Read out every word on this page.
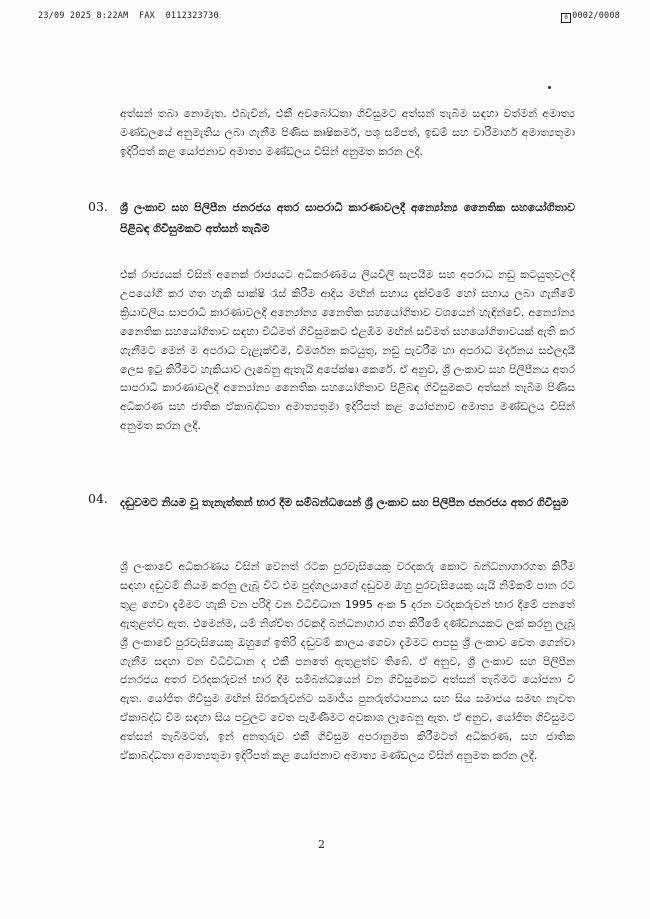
23/09 2025 8:22AM  FAX  0112323730	0 0002/0008

අත්සන් තබා නොමැත. එබැවින්, එකී අවබෝධතා ගිවිසුමට අත්සන් තැබීම සඳහා වත්මන් අමාත්‍ය මණ්ඩලයේ අනුමැතිය ලබා ගැනීම පිණිස කෘෂිකර්ම, පශු සම්පත්, ඉඩම් සහ වාරිමාර්ග අමාත්‍යතුමා ඉදිරිපත් කළ යෝජනාව අමාත්‍ය මණ්ඩලය විසින් අනුමත කරන ලදී.

03. ශ්‍රී ලංකාව සහ පිලිපීන ජනරජය අතර සාපරාධී කාරණාවලදී අන්‍යෝන්‍ය නෛතික සහයෝගිතාව පිළිබඳ ගිවිසුමකට අත්සන් තැබීම

එක් රාජ්‍යයක් විසින් අනෙක් රාජ්‍යයට අධිකරණමය ලියවිලි සැපයීම සහ අපරාධ නඩු කටයුතුවලදී උපයෝගී කර ගත හැකි සාක්ෂි රැස් කිරීම ආදිය මඟින් සහාය දැක්වීමේ හෝ සහාය ලබා ගැනීමේ ක්‍රියාවලිය සාපරාධී කාරණාවලදී අන්‍යෝන්‍ය නෛතික සහයෝගිතාව වශයෙන් හැඳින්වේ. අන්‍යෝන්‍ය නෛතික සහයෝගිතාව සඳහා විධිමත් ගිවිසුමකට එළඹීම මඟින් සවිමත් සහයෝගිතාවයක් ඇති කර ගැනීමට මෙන් ම අපරාධ වැළැක්වීම, විමර්ශන කටයුතු, නඩු පැවරීම හා අපරාධ මර්දනය සඵලදායී ලෙස ඉටු කිරීමට හැකියාව ලැබෙනු ඇතැයි අපේක්ෂා කෙරේ. ඒ අනුව, ශ්‍රී ලංකාව සහ පිලිපීනය අතර සාපරාධී කාරණාවලදී අන්‍යෝන්‍ය නෛතික සහයෝගිතාව පිළිබඳ ගිවිසුමකට අත්සන් තැබීම පිණිස අධිකරණ සහ ජාතික ඒකාබද්ධතා අමාත්‍යතුමා ඉදිරිපත් කළ යෝජනාව අමාත්‍ය මණ්ඩලය විසින් අනුමත කරන ලදී.

04. දඬුවමට නියම වූ තැනැත්තන් භාර දීම සම්බන්ධයෙන් ශ්‍රී ලංකාව සහ පිලිපීන ජනරජය අතර ගිවිසුම

ශ්‍රී ලංකාවේ අධිකරණය විසින් වෙනත් රටක පුරවැසියෙකු වරදකරු කොට බන්ධනාගාරගත කිරීම සඳහා දඬුවම් නියම කරනු ලැබූ විට එම පුද්ගලයාගේ දඬුවම ඔහු පුරවැසියෙකු යැයි නිම්කම් පාන රට තුළ ගෙවා දැමීමට හැකි වන පරිදි වන විධිවිධාන 1995 අංක 5 දරන වරදකරුවන් භාර දීමේ පනතේ ඇතුළත්ව ඇත. එමෙන්ම, යම් නිශ්චිත රටකදී බන්ධනාගාර ගත කිරීමේ දණ්ඩනයකට ලක් කරනු ලැබූ ශ්‍රී ලංකාවේ පුරවැසියෙකු ඔහුගේ ඉතිරි දඬුවම් කාලය ගෙවා දැමීමට ආපසු ශ්‍රී ලංකාව වෙත ගෙන්වා ගැනීම සඳහා වන විධිවිධාන ද එකී පනතේ ඇතුළත්ව තිබේ. ඒ අනුව, ශ්‍රී ලංකාව සහ පිලිපීන ජනරජය අතර වරදකරුවන් භාර දීම සම්බන්ධයෙන් වන ගිවිසුමකට අත්සන් තැබීමට යෝජනා වී ඇත. යෝජිත ගිවිසුම මඟින් සිරකරුවන්ට සමාජීය පුනරුත්ථාපනය සහ සිය සමාජය සමඟ නැවත ඒකාබද්ධ වීම සඳහා සිය පවුලට වෙත පැමිණීමට අවකාශ ලැබෙනු ඇත. ඒ අනුව, යෝජිත ගිවිසුමට අත්සන් තැබීමටත්, ඉන් අනතුරුව එකී ගිවිසුම අපරානුමත කිරීමටත් අධිකරණ, සහ ජාතික ඒකාබද්ධතා අමාත්‍යතුමා ඉදිරිපත් කළ යෝජනාව අමාත්‍ය මණ්ඩලය විසින් අනුමත කරන ලදී.

2
